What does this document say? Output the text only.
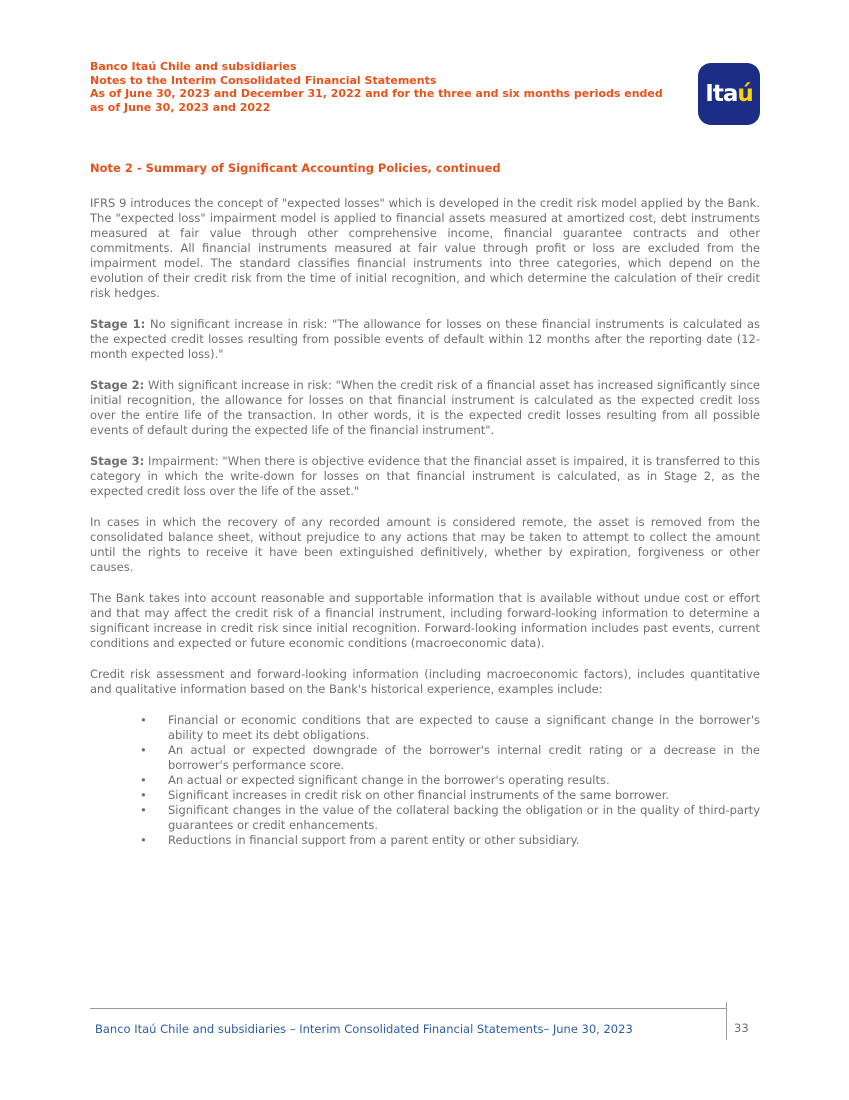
Banco Itaú Chile and subsidiaries

Notes to the Interim Consolidated Financial Statements

As of June 30, 2023 and December 31, 2022 and for the three and six months periods ended as of June 30, 2023 and 2022	Ita ú
Note 2 - Summary of Significant Accounting Policies, continued

IFRS 9 introduces the concept of "expected losses" which is developed in the credit risk model applied by the Bank. The "expected loss" impairment model is applied to financial assets measured at amortized cost, debt instruments measured at fair value through other comprehensive income, financial guarantee contracts and other commitments. All financial instruments measured at fair value through profit or loss are excluded from the impairment model. The standard classifies financial instruments into three categories, which depend on the evolution of their credit risk from the time of initial recognition, and which determine the calculation of their credit risk hedges.

Stage 1: No significant increase in risk: "The allowance for losses on these financial instruments is calculated as the expected credit losses resulting from possible events of default within 12 months after the reporting date (12-month expected loss)."

Stage 2: With significant increase in risk: "When the credit risk of a financial asset has increased significantly since initial recognition, the allowance for losses on that financial instrument is calculated as the expected credit loss over the entire life of the transaction. In other words, it is the expected credit losses resulting from all possible events of default during the expected life of the financial instrument".

Stage 3: Impairment: "When there is objective evidence that the financial asset is impaired, it is transferred to this category in which the write-down for losses on that financial instrument is calculated, as in Stage 2, as the expected credit loss over the life of the asset."

In cases in which the recovery of any recorded amount is considered remote, the asset is removed from the consolidated balance sheet, without prejudice to any actions that may be taken to attempt to collect the amount until the rights to receive it have been extinguished definitively, whether by expiration, forgiveness or other causes.

The Bank takes into account reasonable and supportable information that is available without undue cost or effort and that may affect the credit risk of a financial instrument, including forward-looking information to determine a significant increase in credit risk since initial recognition. Forward-looking information includes past events, current conditions and expected or future economic conditions (macroeconomic data).

Credit risk assessment and forward-looking information (including macroeconomic factors), includes quantitative and qualitative information based on the Bank's historical experience, examples include:

•	Financial or economic conditions that are expected to cause a significant change in the borrower's ability to meet its debt obligations.
•	An actual or expected downgrade of the borrower's internal credit rating or a decrease in the borrower's performance score.
•	An actual or expected significant change in the borrower's operating results.
•	Significant increases in credit risk on other financial instruments of the same borrower.
•	Significant changes in the value of the collateral backing the obligation or in the quality of third-party guarantees or credit enhancements.
•	Reductions in financial support from a parent entity or other subsidiary.
Banco Itaú Chile and subsidiaries – Interim Consolidated Financial Statements– June 30, 2023	33
